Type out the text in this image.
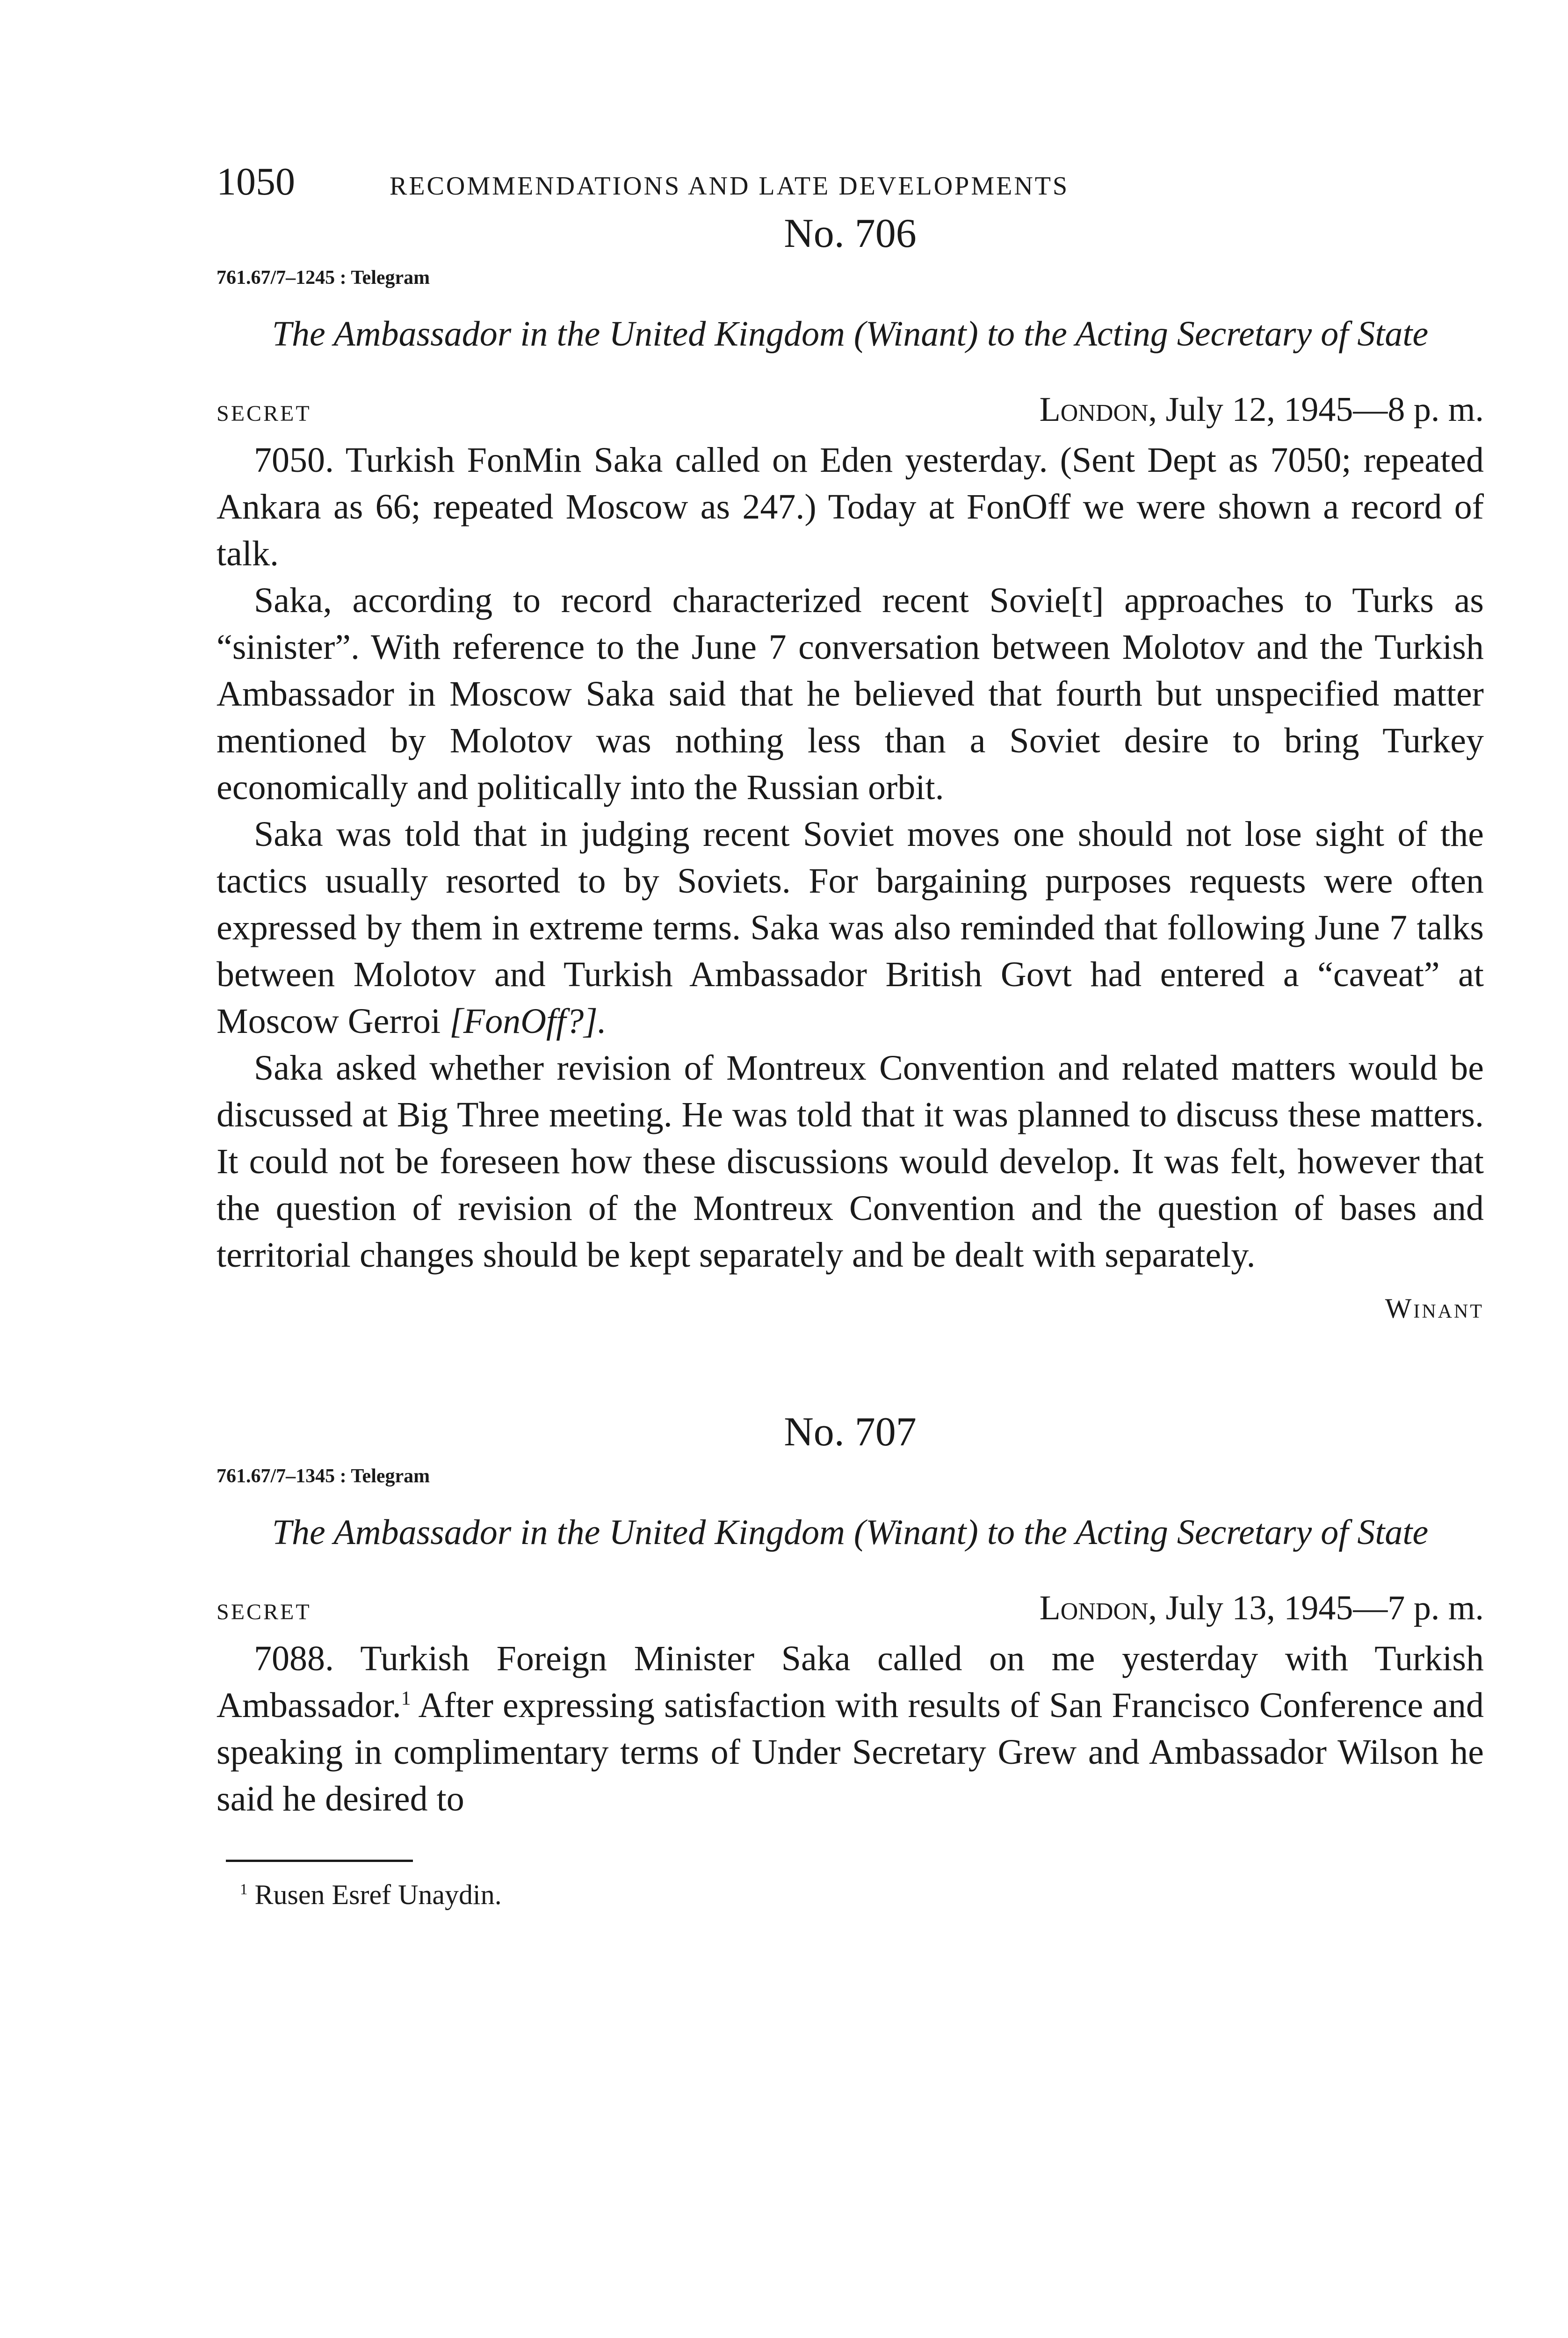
1050	RECOMMENDATIONS AND LATE DEVELOPMENTS
No. 706
761.67/7–1245 : Telegram
The Ambassador in the United Kingdom (Winant) to the Acting Secretary of State
SECRET	London, July 12, 1945—8 p. m.

7050. Turkish FonMin Saka called on Eden yesterday. (Sent Dept as 7050; repeated Ankara as 66; repeated Moscow as 247.) Today at FonOff we were shown a record of talk.

Saka, according to record characterized recent Sovie[t] approaches to Turks as “sinister”. With reference to the June 7 conversation between Molotov and the Turkish Ambassador in Moscow Saka said that he believed that fourth but unspecified matter mentioned by Molotov was nothing less than a Soviet desire to bring Turkey economically and politically into the Russian orbit.

Saka was told that in judging recent Soviet moves one should not lose sight of the tactics usually resorted to by Soviets. For bargaining purposes requests were often expressed by them in extreme terms. Saka was also reminded that following June 7 talks between Molotov and Turkish Ambassador British Govt had entered a “caveat” at Moscow Gerroi [FonOff?].

Saka asked whether revision of Montreux Convention and related matters would be discussed at Big Three meeting. He was told that it was planned to discuss these matters. It could not be foreseen how these discussions would develop. It was felt, however that the question of revision of the Montreux Convention and the question of bases and territorial changes should be kept separately and be dealt with separately.

Winant
No. 707
761.67/7–1345 : Telegram
The Ambassador in the United Kingdom (Winant) to the Acting Secretary of State
SECRET	London, July 13, 1945—7 p. m.

7088. Turkish Foreign Minister Saka called on me yesterday with Turkish Ambassador.$^1$ After expressing satisfaction with results of San Francisco Conference and speaking in complimentary terms of Under Secretary Grew and Ambassador Wilson he said he desired to

$^1$ Rusen Esref Unaydin.
